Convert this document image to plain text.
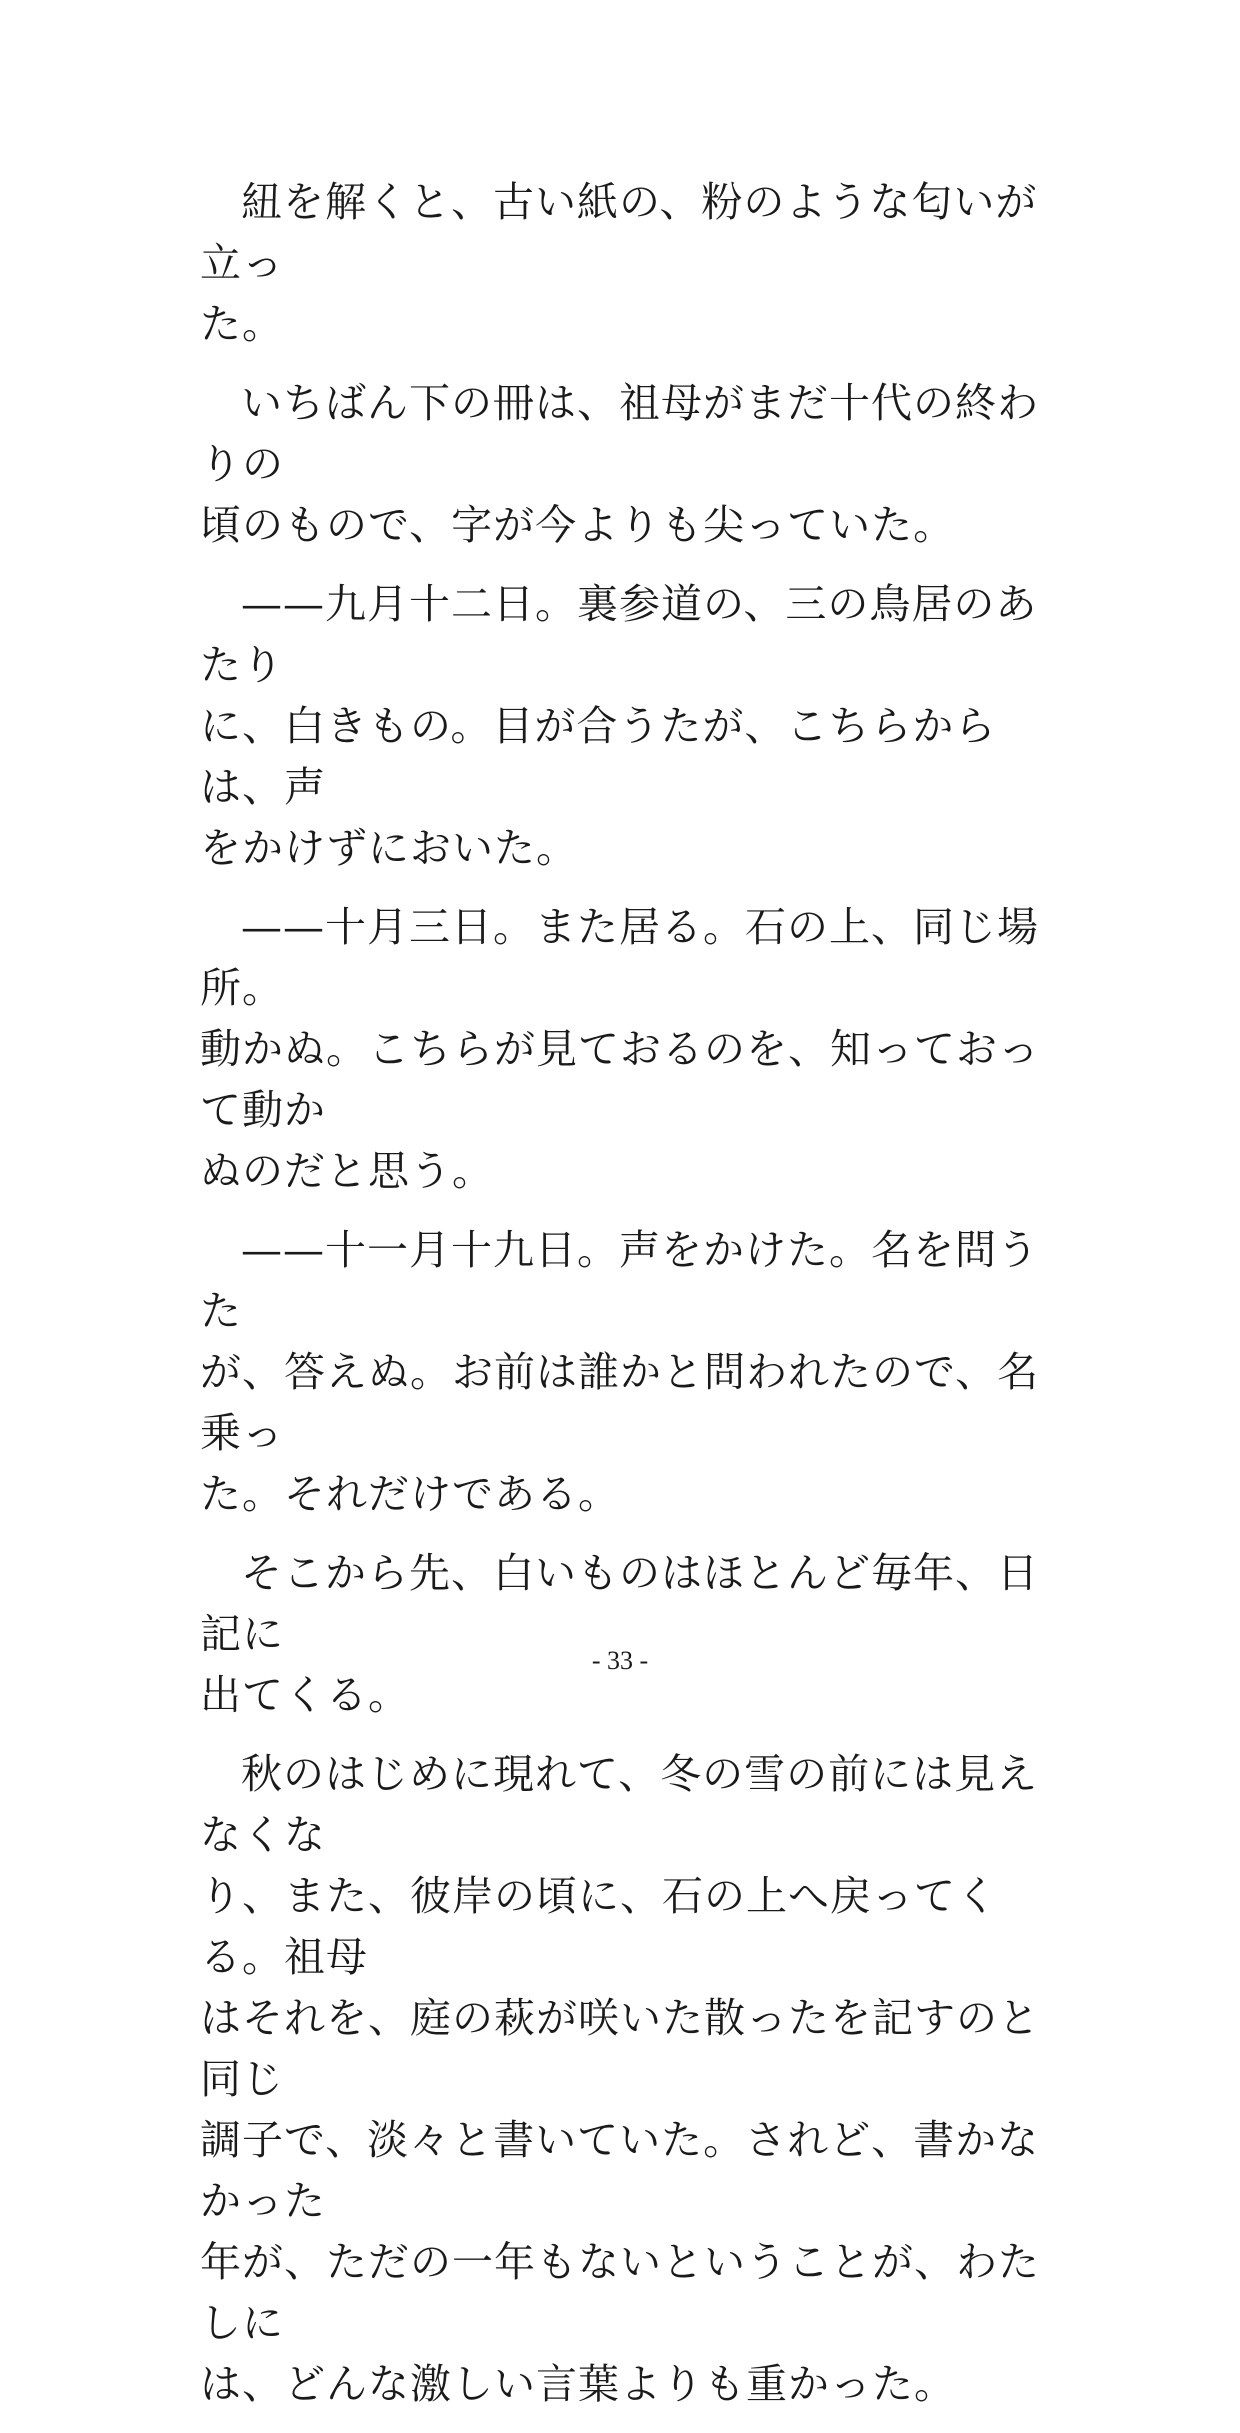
紐を解くと、古い紙の、粉のような匂いが立っ
た。

いちばん下の冊は、祖母がまだ十代の終わりの
頃のもので、字が今よりも尖っていた。

——九月十二日。裏参道の、三の鳥居のあたり
に、白きもの。目が合うたが、こちらからは、声
をかけずにおいた。

——十月三日。また居る。石の上、同じ場所。
動かぬ。こちらが見ておるのを、知っておって動か
ぬのだと思う。

——十一月十九日。声をかけた。名を問うた
が、答えぬ。お前は誰かと問われたので、名乗っ
た。それだけである。

そこから先、白いものはほとんど毎年、日記に
出てくる。

秋のはじめに現れて、冬の雪の前には見えなくな
り、また、彼岸の頃に、石の上へ戻ってくる。祖母
はそれを、庭の萩が咲いた散ったを記すのと同じ
調子で、淡々と書いていた。されど、書かなかった
年が、ただの一年もないということが、わたしに
は、どんな激しい言葉よりも重かった。

- 33 -
